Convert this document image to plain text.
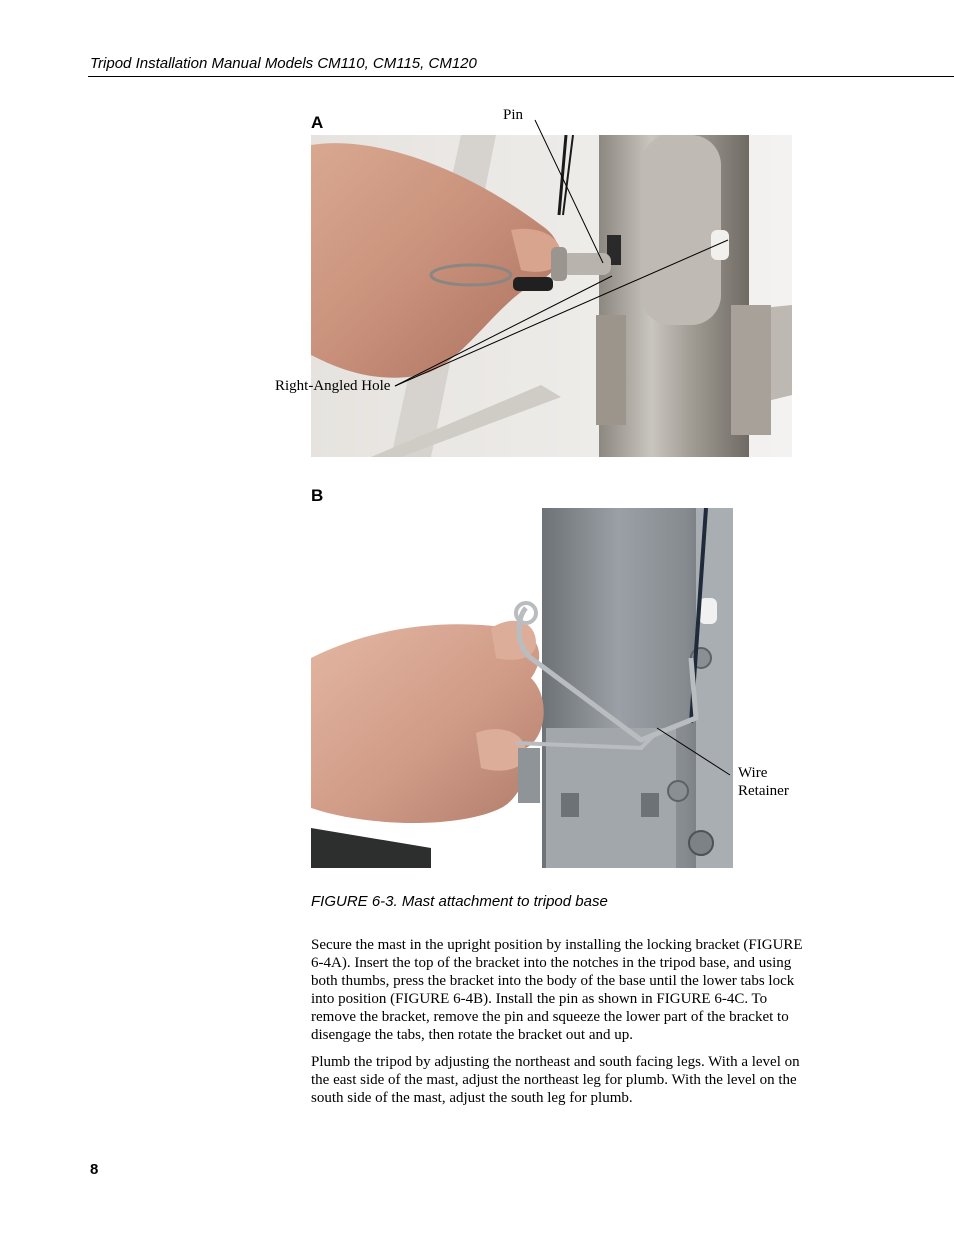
Tripod Installation Manual Models CM110, CM115, CM120
A	Pin
Right-Angled Hole
B
Wire
Retainer
FIGURE 6-3. Mast attachment to tripod base

Secure the mast in the upright position by installing the locking bracket (FIGURE 6-4A). Insert the top of the bracket into the notches in the tripod base, and using both thumbs, press the bracket into the body of the base until the lower tabs lock into position (FIGURE 6-4B). Install the pin as shown in FIGURE 6-4C. To remove the bracket, remove the pin and squeeze the lower part of the bracket to disengage the tabs, then rotate the bracket out and up.

Plumb the tripod by adjusting the northeast and south facing legs. With a level on the east side of the mast, adjust the northeast leg for plumb. With the level on the south side of the mast, adjust the south leg for plumb.

8
